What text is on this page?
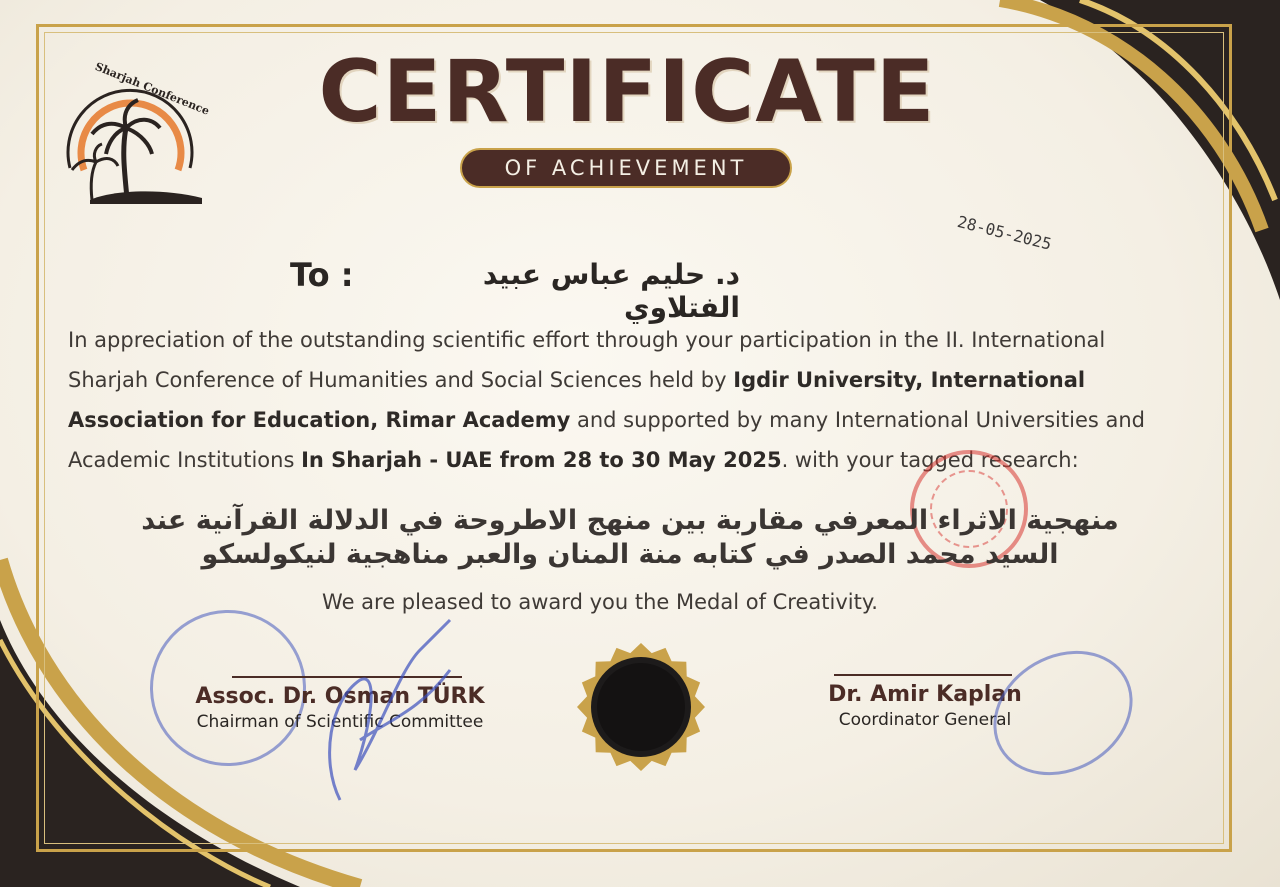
Sharjah Conference	CERTIFICATE
OF ACHIEVEMENT
28-05-2025
To :	د. حليم عباس عبيد الفتلاوي
In appreciation of the outstanding scientific effort through your participation in the II. International
Sharjah Conference of Humanities and Social Sciences held by Igdir University, International
Association for Education, Rimar Academy and supported by many International Universities and
Academic Institutions In Sharjah - UAE from 28 to 30 May 2025. with your tagged research:
منهجية الاثراء المعرفي مقاربة بين منهج الاطروحة في الدلالة القرآنية عند
السيد محمد الصدر في كتابه منة المنان والعبر مناهجية لنيكولسكو
We are pleased to award you the Medal of Creativity.
Assoc. Dr. Osman TÜRK
Chairman of Scientific Committee
Dr. Amir Kaplan
Coordinator General
